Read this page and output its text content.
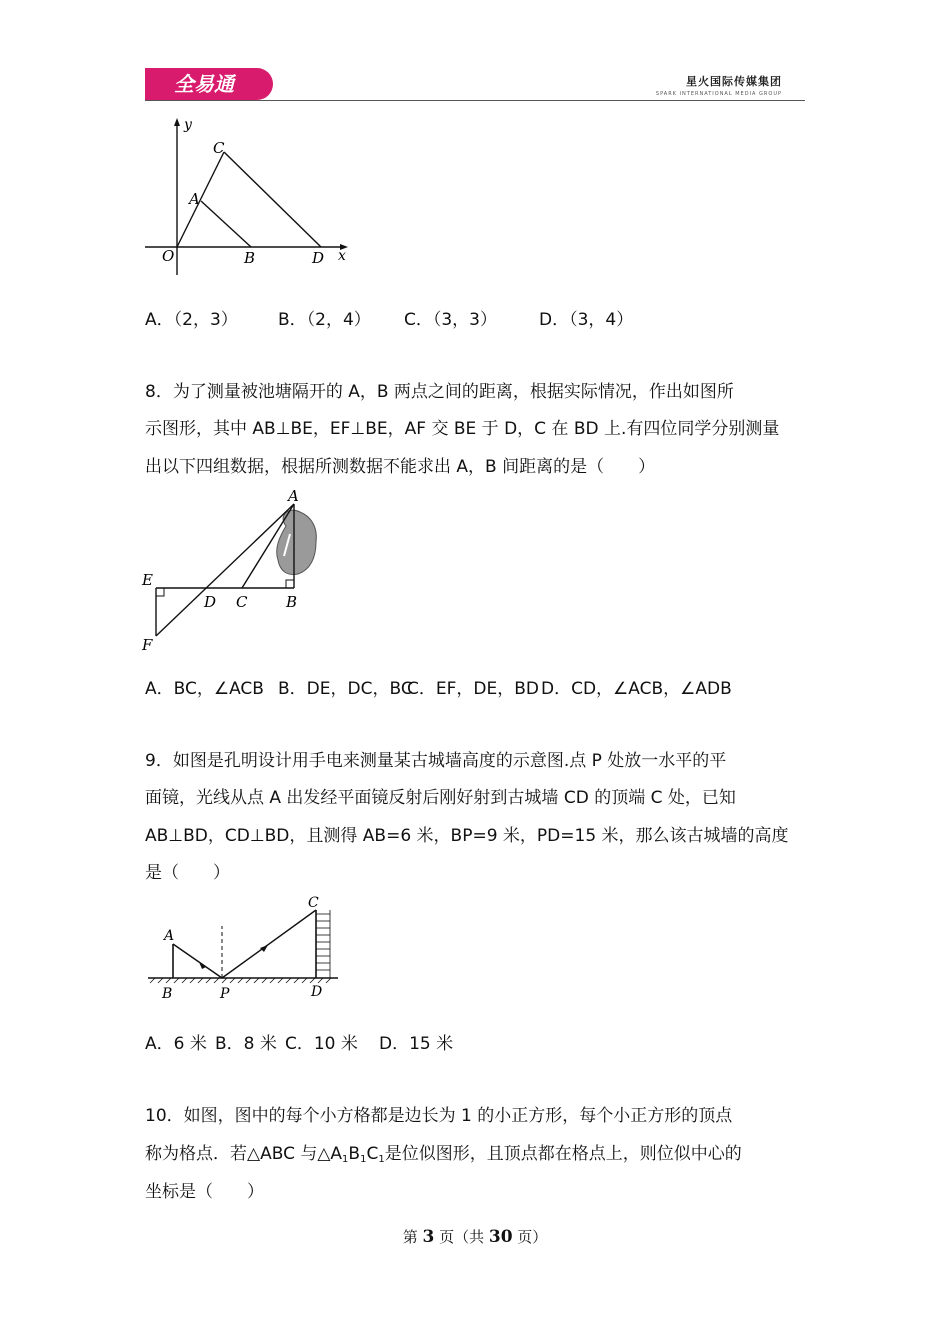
全易通	星火国际传媒集团
SPARK INTERNATIONAL MEDIA GROUP
y
x
O
A
B
C
D
A．（2，3） B．（2，4） C．（3，3） D．（3，4）
8．为了测量被池塘隔开的 A，B 两点之间的距离，根据实际情况，作出如图所
示图形，其中 AB⊥BE，EF⊥BE，AF 交 BE 于 D，C 在 BD 上.有四位同学分别测量
出以下四组数据，根据所测数据不能求出 A，B 间距离的是（　　）
A
E
D C	B
F
A．BC，∠ACB B．DE，DC，BCC．EF，DE，BD D．CD，∠ACB，∠ADB
9．如图是孔明设计用手电来测量某古城墙高度的示意图.点 P 处放一水平的平
面镜，光线从点 A 出发经平面镜反射后刚好射到古城墙 CD 的顶端 C 处，已知
AB⊥BD，CD⊥BD，且测得 AB=6 米，BP=9 米，PD=15 米，那么该古城墙的高度
是（　　）
C
A
B	P	D
A．6 米 B．8 米 C．10 米 D．15 米
10．如图，图中的每个小方格都是边长为 1 的小正方形，每个小正方形的顶点
称为格点．若△ABC 与$\triangle A_1B_1C_1$是位似图形，且顶点都在格点上，则位似中心的
坐标是（　　）
第 3 页（共 30 页）
